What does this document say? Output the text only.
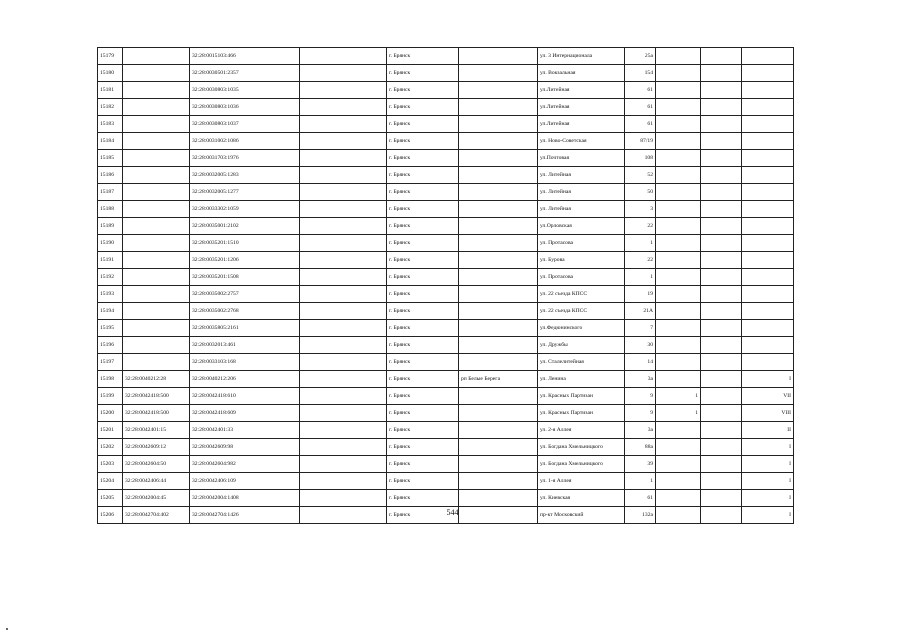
15179		32:28:0015103:466		г. Брянск		ул. 3 Интернационала	25а			
15180		32:28:0030501:2357		г. Брянск		ул. Вокзальная	154			
15181		32:28:0030803:1035		г. Брянск		ул.Литейная	61			
15182		32:28:0030803:1036		г. Брянск		ул.Литейная	61			
15183		32:28:0030803:1037		г. Брянск		ул.Литейная	61			
15184		32:28:0031002:1086		г. Брянск		ул. Ново-Советская	87/19			
15185		32:28:0031703:1976		г. Брянск		ул.Почтовая	108			
15186		32:28:0032005:1283		г. Брянск		ул. Литейная	52			
15187		32:28:0032005:1277		г. Брянск		ул. Литейная	50			
15188		32:28:0033302:1059		г. Брянск		ул. Литейная	3			
15189		32:28:0035001:2102		г. Брянск		ул.Орловская	22			
15190		32:28:0035201:1510		г. Брянск		ул. Протасова	1			
15191		32:28:0035201:1206		г. Брянск		ул. Бурова	22			
15192		32:28:0035201:1508		г. Брянск		ул. Протасова	1			
15193		32:28:0035002:2757		г. Брянск		ул. 22 съезда КПСС	19			
15194		32:28:0035002:2768		г. Брянск		ул. 22 съезда КПСС	21А			
15195		32:28:0035805:2161		г. Брянск		ул.Федюнинского	7			
15196		32:28:0032013:461		г. Брянск		ул. Дружбы	30			
15197		32:28:0033103:168		г. Брянск		ул. Сталелитейная	14			
15198	32:28:0040212:28	32:28:0040212:206		г. Брянск	рп Белые Берега	ул. Ленина	3а			I
15199	32:28:0042418:500	32:28:0042418:610		г. Брянск		ул. Красных Партизан	9	1		VII
15200	32:28:0042418:500	32:28:0042418:609		г. Брянск		ул. Красных Партизан	9	1		VIII
15201	32:28:0042401:15	32:28:0042401:33		г. Брянск		ул. 2-я Аллея	3а			II
15202	32:28:0042609:12	32:28:0042609:98		г. Брянск		ул. Богдана Хмельницкого	88а			I
15203	32:28:0042604:50	32:28:0042604:982		г. Брянск		ул. Богдана Хмельницкого	39			I
15204	32:28:0042406:44	32:28:0042406:109		г. Брянск		ул. 1-я Аллея	1			I
15205	32:28:0042004:45	32:28:0042004:1408		г. Брянск		ул. Киевская	61			I
15206	32:28:0042704:402	32:28:0042704:1426		г. Брянск		пр-кт Московский	132а			I
544
